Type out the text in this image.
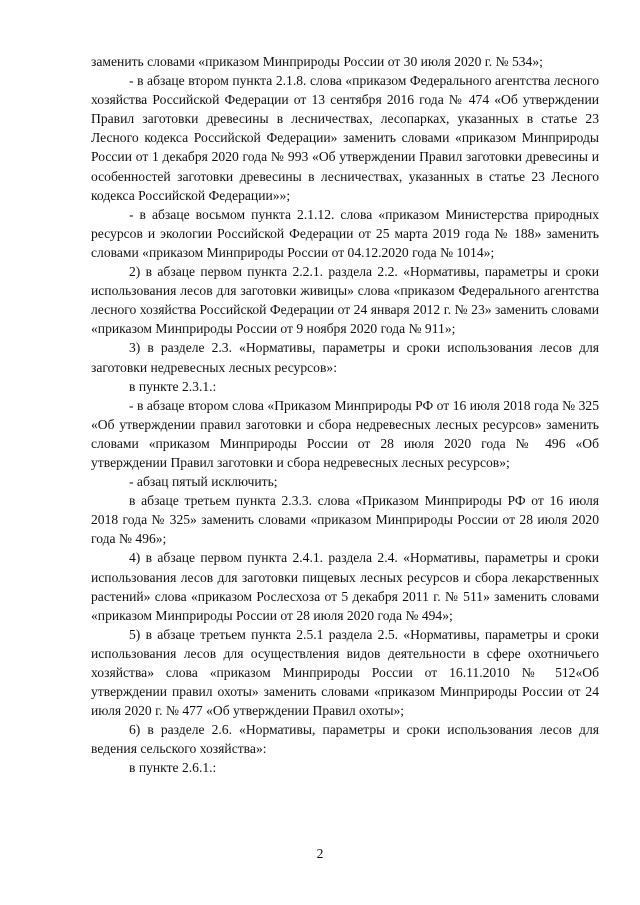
заменить словами «приказом Минприроды России от 30 июля 2020 г. № 534»;

- в абзаце втором пункта 2.1.8. слова «приказом Федерального агентства лесного хозяйства Российской Федерации от 13 сентября 2016 года № 474 «Об утверждении Правил заготовки древесины в лесничествах, лесопарках, указанных в статье 23 Лесного кодекса Российской Федерации» заменить словами «приказом Минприроды России от 1 декабря 2020 года № 993 «Об утверждении Правил заготовки древесины и особенностей заготовки древесины в лесничествах, указанных в статье 23 Лесного кодекса Российской Федерации»»;

- в абзаце восьмом пункта 2.1.12. слова «приказом Министерства природных ресурсов и экологии Российской Федерации от 25 марта 2019 года № 188» заменить словами «приказом Минприроды России от 04.12.2020 года № 1014»;

2) в абзаце первом пункта 2.2.1. раздела 2.2. «Нормативы, параметры и сроки использования лесов для заготовки живицы» слова «приказом Федерального агентства лесного хозяйства Российской Федерации от 24 января 2012 г. № 23» заменить словами «приказом Минприроды России от 9 ноября 2020 года № 911»;

3) в разделе 2.3. «Нормативы, параметры и сроки использования лесов для заготовки недревесных лесных ресурсов»:

в пункте 2.3.1.:

- в абзаце втором слова «Приказом Минприроды РФ от 16 июля 2018 года № 325 «Об утверждении правил заготовки и сбора недревесных лесных ресурсов» заменить словами «приказом Минприроды России от 28 июля 2020 года № 496 «Об утверждении Правил заготовки и сбора недревесных лесных ресурсов»;

- абзац пятый исключить;

в абзаце третьем пункта 2.3.3. слова «Приказом Минприроды РФ от 16 июля 2018 года № 325» заменить словами «приказом Минприроды России от 28 июля 2020 года № 496»;

4) в абзаце первом пункта 2.4.1. раздела 2.4. «Нормативы, параметры и сроки использования лесов для заготовки пищевых лесных ресурсов и сбора лекарственных растений» слова «приказом Рослесхоза от 5 декабря 2011 г. № 511» заменить словами «приказом Минприроды России от 28 июля 2020 года № 494»;

5) в абзаце третьем пункта 2.5.1 раздела 2.5. «Нормативы, параметры и сроки использования лесов для осуществления видов деятельности в сфере охотничьего хозяйства» слова «приказом Минприроды России от 16.11.2010 № 512«Об утверждении правил охоты» заменить словами «приказом Минприроды России от 24 июля 2020 г. № 477 «Об утверждении Правил охоты»;

6) в разделе 2.6. «Нормативы, параметры и сроки использования лесов для ведения сельского хозяйства»:

в пункте 2.6.1.:

2
